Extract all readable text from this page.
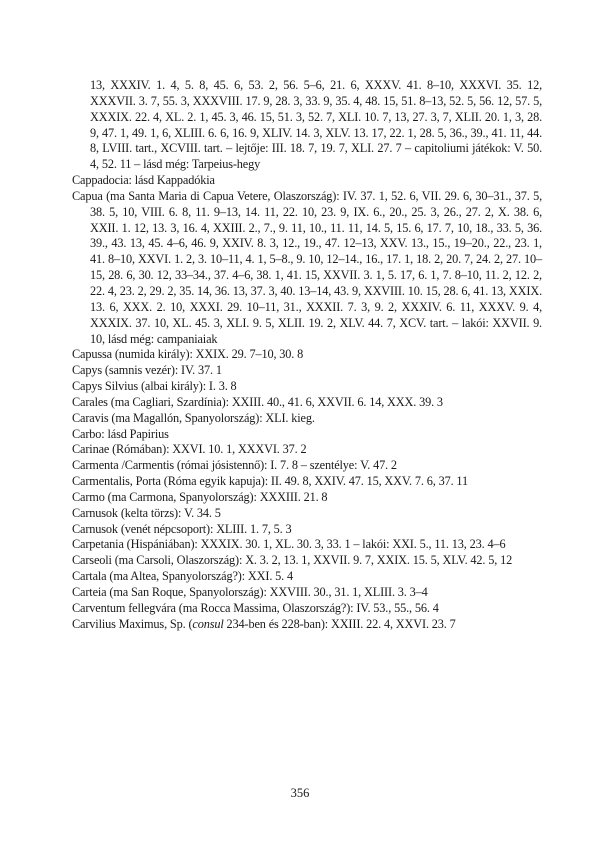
13, XXXIV. 1. 4, 5. 8, 45. 6, 53. 2, 56. 5–6, 21. 6, XXXV. 41. 8–10, XXXVI. 35. 12, XXXVII. 3. 7, 55. 3, XXXVIII. 17. 9, 28. 3, 33. 9, 35. 4, 48. 15, 51. 8–13, 52. 5, 56. 12, 57. 5, XXXIX. 22. 4, XL. 2. 1, 45. 3, 46. 15, 51. 3, 52. 7, XLI. 10. 7, 13, 27. 3, 7, XLII. 20. 1, 3, 28. 9, 47. 1, 49. 1, 6, XLIII. 6. 6, 16. 9, XLIV. 14. 3, XLV. 13. 17, 22. 1, 28. 5, 36., 39., 41. 11, 44. 8, LVIII. tart., XCVIII. tart. – lejtője: III. 18. 7, 19. 7, XLI. 27. 7 – capitoliumi játékok: V. 50. 4, 52. 11 – lásd még: Tarpeius-hegy
Cappadocia: lásd Kappadókia
Capua (ma Santa Maria di Capua Vetere, Olaszország): IV. 37. 1, 52. 6, VII. 29. 6, 30–31., 37. 5, 38. 5, 10, VIII. 6. 8, 11. 9–13, 14. 11, 22. 10, 23. 9, IX. 6., 20., 25. 3, 26., 27. 2, X. 38. 6, XXII. 1. 12, 13. 3, 16. 4, XXIII. 2., 7., 9. 11, 10., 11. 11, 14. 5, 15. 6, 17. 7, 10, 18., 33. 5, 36. 39., 43. 13, 45. 4–6, 46. 9, XXIV. 8. 3, 12., 19., 47. 12–13, XXV. 13., 15., 19–20., 22., 23. 1, 41. 8–10, XXVI. 1. 2, 3. 10–11, 4. 1, 5–8., 9. 10, 12–14., 16., 17. 1, 18. 2, 20. 7, 24. 2, 27. 10–15, 28. 6, 30. 12, 33–34., 37. 4–6, 38. 1, 41. 15, XXVII. 3. 1, 5. 17, 6. 1, 7. 8–10, 11. 2, 12. 2, 22. 4, 23. 2, 29. 2, 35. 14, 36. 13, 37. 3, 40. 13–14, 43. 9, XXVIII. 10. 15, 28. 6, 41. 13, XXIX. 13. 6, XXX. 2. 10, XXXI. 29. 10–11, 31., XXXII. 7. 3, 9. 2, XXXIV. 6. 11, XXXV. 9. 4, XXXIX. 37. 10, XL. 45. 3, XLI. 9. 5, XLII. 19. 2, XLV. 44. 7, XCV. tart. – lakói: XXVII. 9. 10, lásd még: campaniaiak
Capussa (numida király): XXIX. 29. 7–10, 30. 8
Capys (samnis vezér): IV. 37. 1
Capys Silvius (albai király): I. 3. 8
Carales (ma Cagliari, Szardínia): XXIII. 40., 41. 6, XXVII. 6. 14, XXX. 39. 3
Caravis (ma Magallón, Spanyolország): XLI. kieg.
Carbo: lásd Papirius
Carinae (Rómában): XXVI. 10. 1, XXXVI. 37. 2
Carmenta /Carmentis (római jósistennő): I. 7. 8 – szentélye: V. 47. 2
Carmentalis, Porta (Róma egyik kapuja): II. 49. 8, XXIV. 47. 15, XXV. 7. 6, 37. 11
Carmo (ma Carmona, Spanyolország): XXXIII. 21. 8
Carnusok (kelta törzs): V. 34. 5
Carnusok (venét népcsoport): XLIII. 1. 7, 5. 3
Carpetania (Hispániában): XXXIX. 30. 1, XL. 30. 3, 33. 1 – lakói: XXI. 5., 11. 13, 23. 4–6
Carseoli (ma Carsoli, Olaszország): X. 3. 2, 13. 1, XXVII. 9. 7, XXIX. 15. 5, XLV. 42. 5, 12
Cartala (ma Altea, Spanyolország?): XXI. 5. 4
Carteia (ma San Roque, Spanyolország): XXVIII. 30., 31. 1, XLIII. 3. 3–4
Carventum fellegvára (ma Rocca Massima, Olaszország?): IV. 53., 55., 56. 4
Carvilius Maximus, Sp. (consul 234-ben és 228-ban): XXIII. 22. 4, XXVI. 23. 7
356
